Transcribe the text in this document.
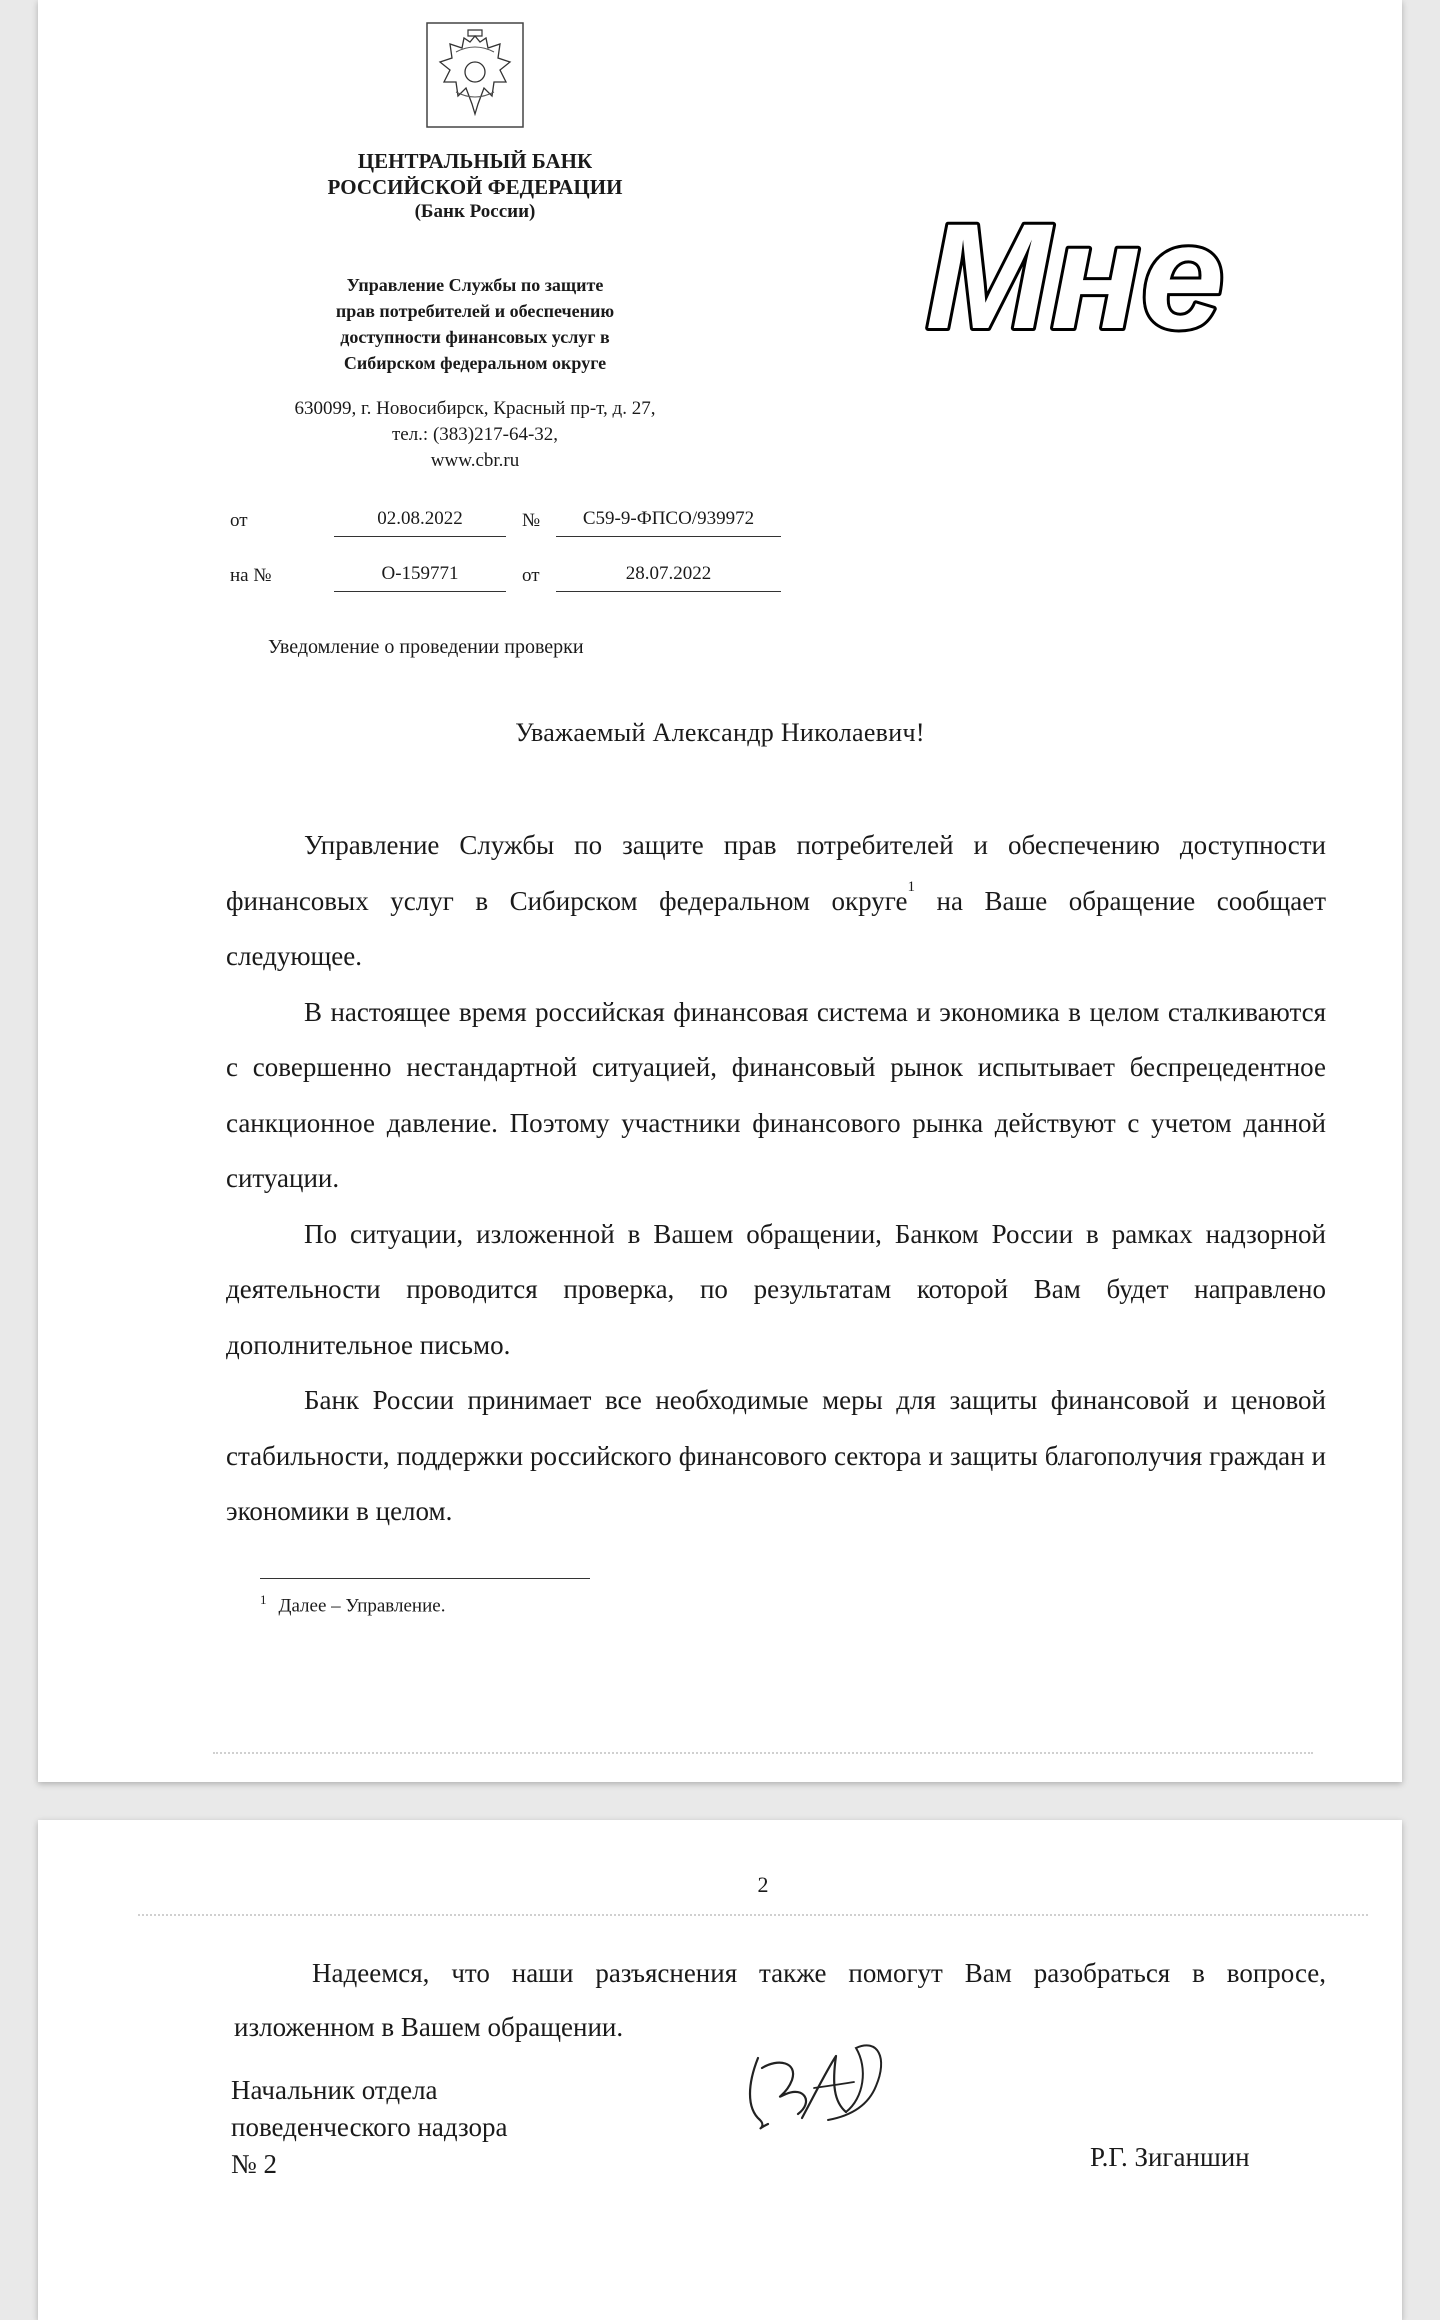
ЦЕНТРАЛЬНЫЙ БАНК
РОССИЙСКОЙ ФЕДЕРАЦИИ
(Банк России)
Управление Службы по защите
прав потребителей и обеспечению
доступности финансовых услуг в
Сибирском федеральном округе
630099, г. Новосибирск, Красный пр-т, д. 27,
тел.: (383)217-64-32,
www.cbr.ru
от	02.08.2022	№	С59-9-ФПСО/939972
на №	О-159771	от	28.07.2022
Уведомление о проведении проверки
Уважаемый Александр Николаевич!

Управление Службы по защите прав потребителей и обеспечению доступности финансовых услуг в Сибирском федеральном округе$^1$ на Ваше обращение сообщает следующее.

В настоящее время российская финансовая система и экономика в целом сталкиваются с совершенно нестандартной ситуацией, финансовый рынок испытывает беспрецедентное санкционное давление. Поэтому участники финансового рынка действуют с учетом данной ситуации.

По ситуации, изложенной в Вашем обращении, Банком России в рамках надзорной деятельности проводится проверка, по результатам которой Вам будет направлено дополнительное письмо.

Банк России принимает все необходимые меры для защиты финансовой и ценовой стабильности, поддержки российского финансового сектора и защиты благополучия граждан и экономики в целом.

$^1$ Далее – Управление.
Мне
2

Надеемся, что наши разъяснения также помогут Вам разобраться в вопросе, изложенном в Вашем обращении.

Начальник отдела
поведенческого надзора
№ 2	Р.Г. Зиганшин
